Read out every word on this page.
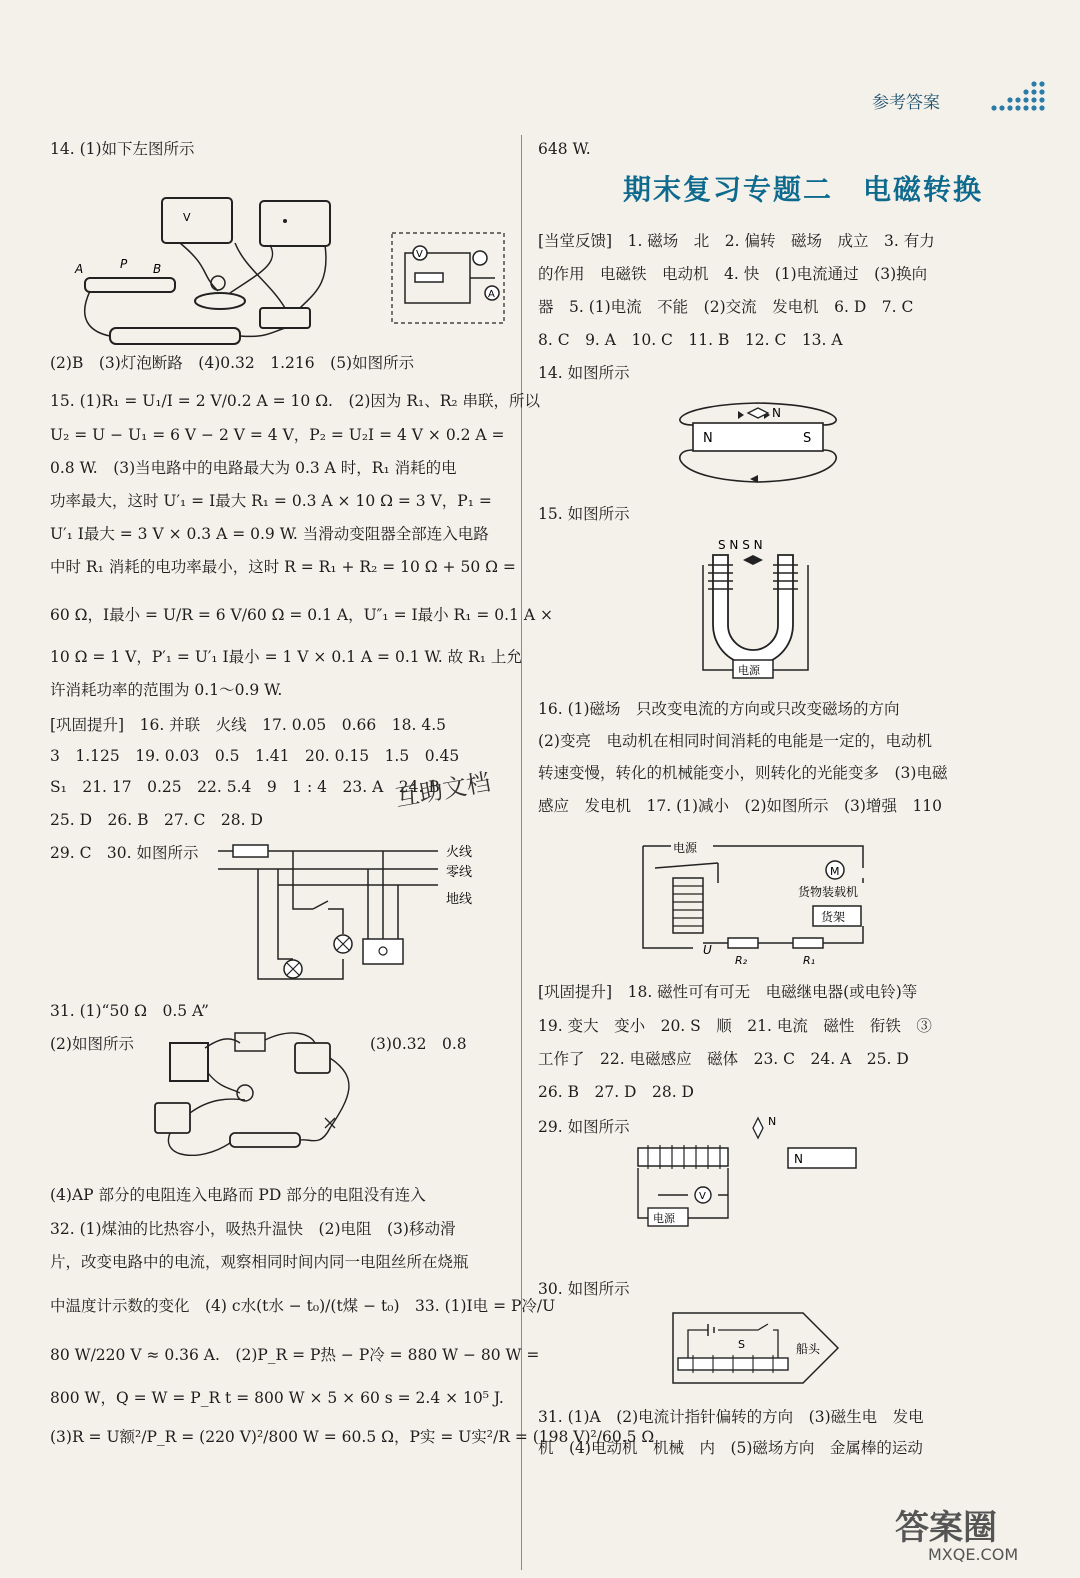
参考答案
14. (1)如下左图所示
V
A	P B
V
A
(2)B　(3)灯泡断路　(4)0.32　1.216　(5)如图所示
15. (1)R₁ = U₁/I = 2 V/0.2 A = 10 Ω.　(2)因为 R₁、R₂ 串联，所以
U₂ = U − U₁ = 6 V − 2 V = 4 V，P₂ = U₂I = 4 V × 0.2 A =
0.8 W.　(3)当电路中的电路最大为 0.3 A 时，R₁ 消耗的电
功率最大，这时 U′₁ = I最大 R₁ = 0.3 A × 10 Ω = 3 V，P₁ =
U′₁ I最大 = 3 V × 0.3 A = 0.9 W. 当滑动变阻器全部连入电路
中时 R₁ 消耗的电功率最小，这时 R = R₁ + R₂ = 10 Ω + 50 Ω =
60 Ω，I最小 = U/R = 6 V/60 Ω = 0.1 A，U″₁ = I最小 R₁ = 0.1 A ×
10 Ω = 1 V，P′₁ = U′₁ I最小 = 1 V × 0.1 A = 0.1 W. 故 R₁ 上允
许消耗功率的范围为 0.1～0.9 W.
[巩固提升]　16. 并联　火线　17. 0.05　0.66　18. 4.5
3　1.125　19. 0.03　0.5　1.41　20. 0.15　1.5　0.45
S₁　21. 17　0.25　22. 5.4　9　1 : 4　23. A　24. B
25. D　26. B　27. C　28. D
29. C　30. 如图所示	火线
零线
地线
互助文档
31. (1)“50 Ω　0.5 A”
(2)如图所示	(3)0.32　0.8
(4)AP 部分的电阻连入电路而 PD 部分的电阻没有连入
32. (1)煤油的比热容小，吸热升温快　(2)电阻　(3)移动滑
片，改变电路中的电流，观察相同时间内同一电阻丝所在烧瓶
中温度计示数的变化　(4) c水(t水 − t₀)/(t煤 − t₀)　33. (1)I电 = P冷/U
80 W/220 V ≈ 0.36 A.　(2)P_R = P热 − P冷 = 880 W − 80 W =
800 W，Q = W = P_R t = 800 W × 5 × 60 s = 2.4 × 10⁵ J.
(3)R = U额²/P_R = (220 V)²/800 W = 60.5 Ω，P实 = U实²/R = (198 V)²/60.5 Ω
648 W.
期末复习专题二　电磁转换
[当堂反馈]　1. 磁场　北　2. 偏转　磁场　成立　3. 有力
的作用　电磁铁　电动机　4. 快　(1)电流通过　(3)换向
器　5. (1)电流　不能　(2)交流　发电机　6. D　7. C
8. C　9. A　10. C　11. B　12. C　13. A
14. 如图所示
N
N	S
15. 如图所示
S N S N
电源
16. (1)磁场　只改变电流的方向或只改变磁场的方向
(2)变亮　电动机在相同时间消耗的电能是一定的，电动机
转速变慢，转化的机械能变小，则转化的光能变多　(3)电磁
感应　发电机　17. (1)减小　(2)如图所示　(3)增强　110
电源
M
货物装载机
货架
R₂	R₁
U
[巩固提升]　18. 磁性可有可无　电磁继电器(或电铃)等
19. 变大　变小　20. S　顺　21. 电流　磁性　衔铁　③
工作了　22. 电磁感应　磁体　23. C　24. A　25. D
26. B　27. D　28. D
29. 如图所示	N
N
V
电源
30. 如图所示
S	船头
31. (1)A　(2)电流计指针偏转的方向　(3)磁生电　发电
机　(4)电动机　机械　内　(5)磁场方向　金属棒的运动
答案圈
MXQE.COM
